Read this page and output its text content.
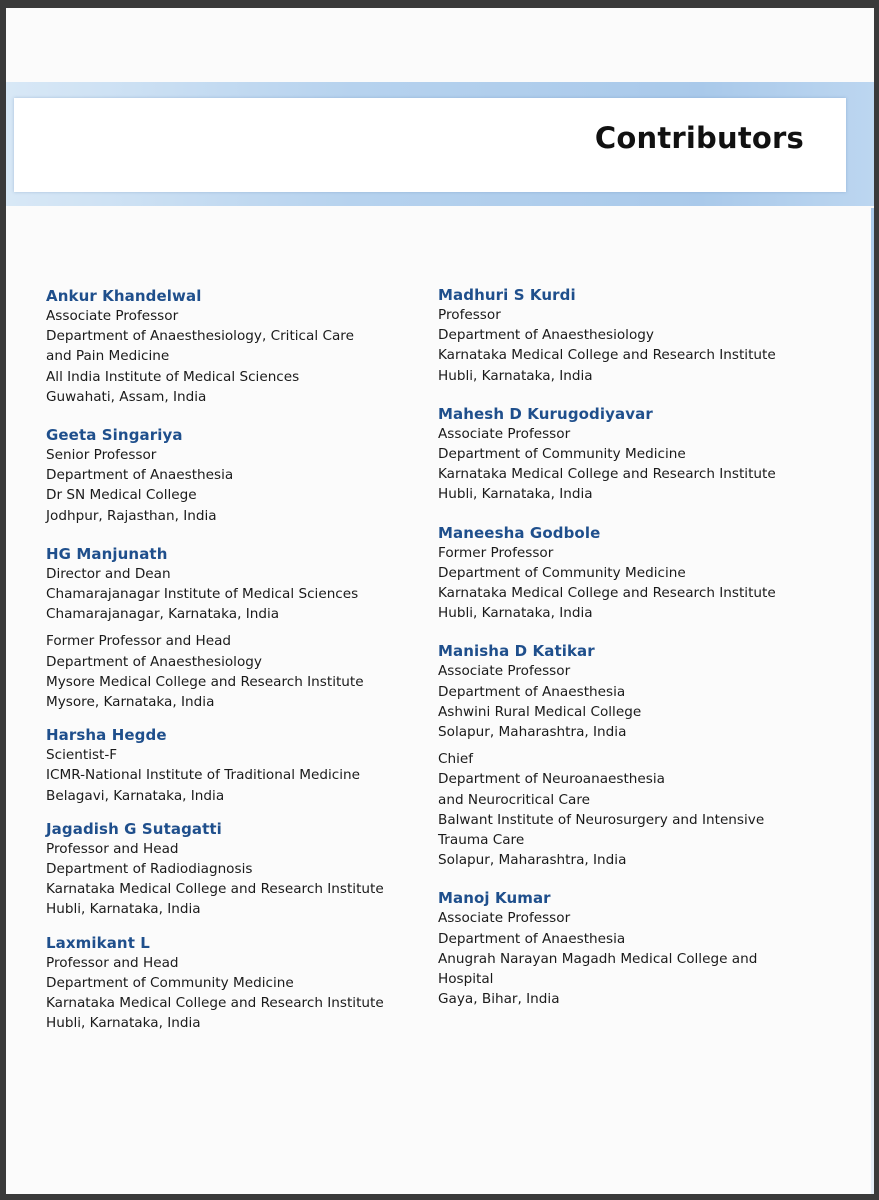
Contributors
Ankur Khandelwal
Associate Professor
Department of Anaesthesiology, Critical Care
and Pain Medicine
All India Institute of Medical Sciences
Guwahati, Assam, India
Geeta Singariya
Senior Professor
Department of Anaesthesia
Dr SN Medical College
Jodhpur, Rajasthan, India
HG Manjunath
Director and Dean
Chamarajanagar Institute of Medical Sciences
Chamarajanagar, Karnataka, India
Former Professor and Head
Department of Anaesthesiology
Mysore Medical College and Research Institute
Mysore, Karnataka, India
Harsha Hegde
Scientist-F
ICMR-National Institute of Traditional Medicine
Belagavi, Karnataka, India
Jagadish G Sutagatti
Professor and Head
Department of Radiodiagnosis
Karnataka Medical College and Research Institute
Hubli, Karnataka, India
Laxmikant L
Professor and Head
Department of Community Medicine
Karnataka Medical College and Research Institute
Hubli, Karnataka, India
Madhuri S Kurdi
Professor
Department of Anaesthesiology
Karnataka Medical College and Research Institute
Hubli, Karnataka, India
Mahesh D Kurugodiyavar
Associate Professor
Department of Community Medicine
Karnataka Medical College and Research Institute
Hubli, Karnataka, India
Maneesha Godbole
Former Professor
Department of Community Medicine
Karnataka Medical College and Research Institute
Hubli, Karnataka, India
Manisha D Katikar
Associate Professor
Department of Anaesthesia
Ashwini Rural Medical College
Solapur, Maharashtra, India
Chief
Department of Neuroanaesthesia
and Neurocritical Care
Balwant Institute of Neurosurgery and Intensive
Trauma Care
Solapur, Maharashtra, India
Manoj Kumar
Associate Professor
Department of Anaesthesia
Anugrah Narayan Magadh Medical College and
Hospital
Gaya, Bihar, India
